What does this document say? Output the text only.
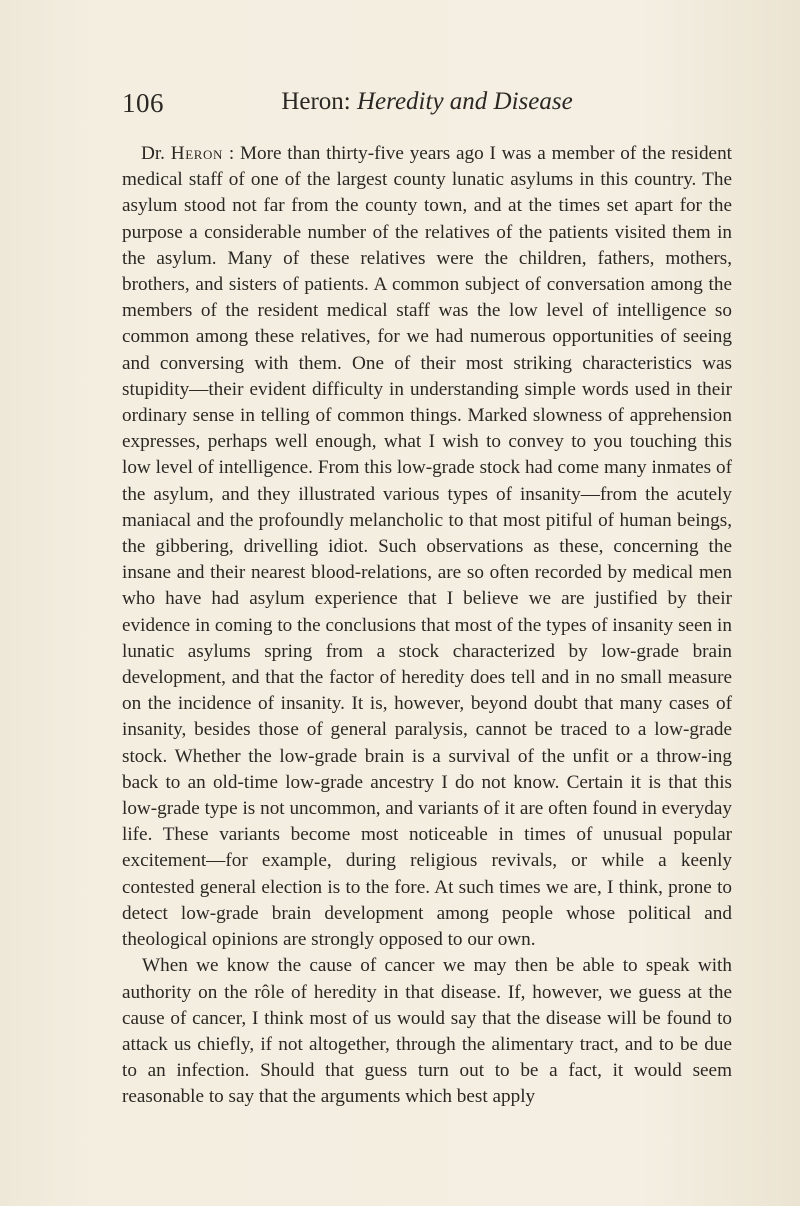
106	Heron: Heredity and Disease

Dr. Heron : More than thirty-five years ago I was a member of the resident medical staff of one of the largest county lunatic asylums in this country. The asylum stood not far from the county town, and at the times set apart for the purpose a considerable number of the relatives of the patients visited them in the asylum. Many of these relatives were the children, fathers, mothers, brothers, and sisters of patients. A common subject of conversation among the members of the resident medical staff was the low level of intelligence so common among these relatives, for we had numerous opportunities of seeing and conversing with them. One of their most striking characteristics was stupidity—their evident difficulty in understanding simple words used in their ordinary sense in telling of common things. Marked slowness of apprehension expresses, perhaps well enough, what I wish to convey to you touching this low level of intelligence. From this low-grade stock had come many inmates of the asylum, and they illustrated various types of insanity—from the acutely maniacal and the profoundly melancholic to that most pitiful of human beings, the gibbering, drivelling idiot. Such observations as these, concerning the insane and their nearest blood-relations, are so often recorded by medical men who have had asylum experience that I believe we are justified by their evidence in coming to the conclusions that most of the types of insanity seen in lunatic asylums spring from a stock characterized by low-grade brain development, and that the factor of heredity does tell and in no small measure on the incidence of insanity. It is, however, beyond doubt that many cases of insanity, besides those of general paralysis, cannot be traced to a low-grade stock. Whether the low-grade brain is a survival of the unfit or a throw-ing back to an old-time low-grade ancestry I do not know. Certain it is that this low-grade type is not uncommon, and variants of it are often found in everyday life. These variants become most noticeable in times of unusual popular excitement—for example, during religious revivals, or while a keenly contested general election is to the fore. At such times we are, I think, prone to detect low-grade brain development among people whose political and theological opinions are strongly opposed to our own.

When we know the cause of cancer we may then be able to speak with authority on the rôle of heredity in that disease. If, however, we guess at the cause of cancer, I think most of us would say that the disease will be found to attack us chiefly, if not altogether, through the alimentary tract, and to be due to an infection. Should that guess turn out to be a fact, it would seem reasonable to say that the arguments which best apply
